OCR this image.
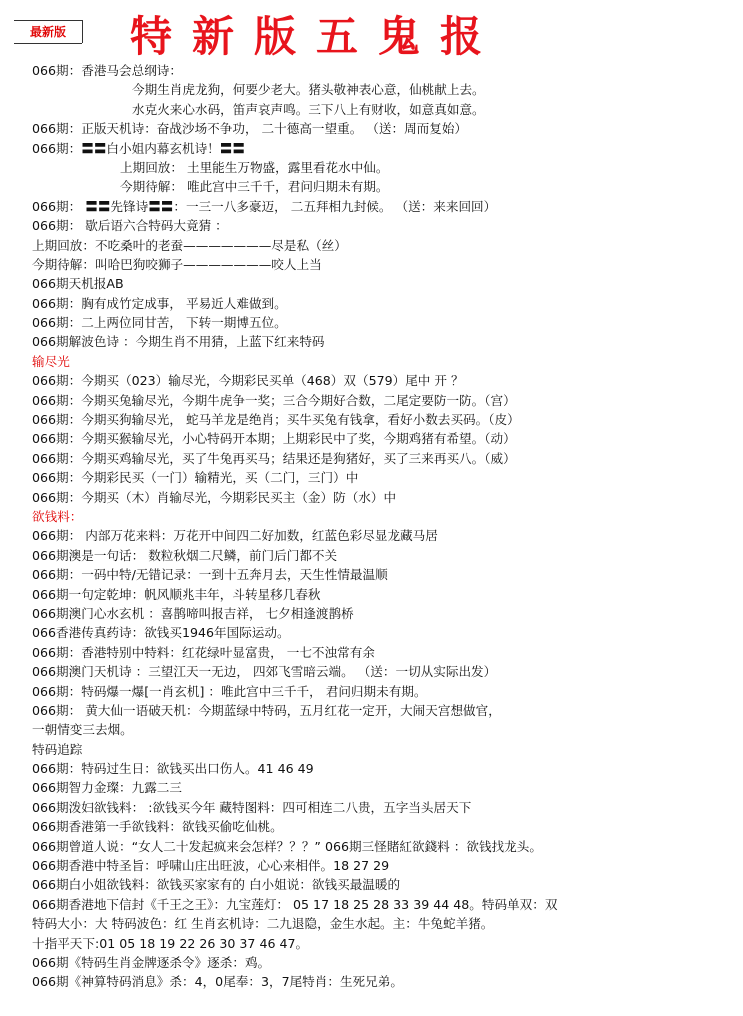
最新版	特新版五鬼报
066期：香港马会总纲诗：
今期生肖虎龙狗，何要少老大。猪头敬神表心意，仙桃献上去。
水克火来心水码，笛声哀声鸣。三下八上有财收，如意真如意。
066期：正版天机诗：奋战沙场不争功， 二十德高一望重。 （送：周而复始）
066期：〓〓白小姐内幕玄机诗！〓〓
上期回放： 土里能生万物盛，露里看花水中仙。
今期待解： 唯此宫中三千千，君问归期未有期。
066期： 〓〓先锋诗〓〓：一三一八多豪迈， 二五拜相九封候。 （送：来来回回）
066期： 歇后语六合特码大竟猜 ：
上期回放：不吃桑叶的老蚕———————尽是私（丝）
今期待解：叫哈巴狗咬狮子———————咬人上当
066期天机报AB
066期：胸有成竹定成事， 平易近人难做到。
066期：二上两位同甘苦， 下转一期博五位。
066期解波色诗 ：今期生肖不用猜，上蓝下红来特码
输尽光
066期：今期买（023）输尽光，今期彩民买单（468）双（579）尾中 开 ？
066期：今期买兔输尽光，今期牛虎争一奖；三合今期好合数，二尾定要防一防。（宫）
066期：今期买狗输尽光， 蛇马羊龙是绝肖；买牛买兔有钱拿，看好小数去买码。（皮）
066期：今期买猴输尽光，小心特码开本期；上期彩民中了奖，今期鸡猪有希望。（动）
066期：今期买鸡输尽光，买了牛兔再买马；结果还是狗猪好，买了三来再买八。（威）
066期：今期彩民买（一门）输精光，买（二门，三门）中
066期：今期买（木）肖输尽光，今期彩民买主（金）防（水）中
欲钱料：
066期： 内部万花来料：万花开中间四二好加数，红蓝色彩尽显龙藏马居
066期澳是一句话： 数粒秋烟二尺鳞，前门后门都不关
066期：一码中特/无错记录：一到十五奔月去，天生性情最温顺
066期一句定乾坤：帆风顺兆丰年，斗转星移几春秋
066期澳门心水玄机 ：喜鹊啼叫报吉祥， 七夕相逢渡鹊桥
066香港传真药诗：欲钱买1946年国际运动。
066期：香港特别中特料：红花绿叶显富贵， 一七不浊常有余
066期澳门天机诗 ：三望江天一无边， 四郊飞雪暗云端。 （送：一切从实际出发）
066期：特码爆一爆[一肖玄机] ：唯此宫中三千千， 君问归期未有期。
066期： 黄大仙一语破天机：今期蓝绿中特码，五月红花一定开，大闹天宫想做官，
一朝情变三去烟。
特码追踪
066期：特码过生日：欲钱买出口伤人。41 46 49
066期智力金璨：九露二三
066期泼妇欲钱料： :欲钱买今年 藏特图料：四可相连二八贵，五字当头居天下
066期香港第一手欲钱料：欲钱买偷吃仙桃。
066期曾道人说：“女人二十发起疯来会怎样？？？” 066期三怪賭紅欲錢料 ：欲钱找龙头。
066期香港中特圣旨：呼啸山庄出旺波，心心来相伴。18 27 29
066期白小姐欲钱料：欲钱买家家有的 白小姐说：欲钱买最温暖的
066期香港地下信封《千王之王》：九宝莲灯： 05 17 18 25 28 33 39 44 48。特码单双：双
特码大小：大 特码波色：红 生肖玄机诗：二九退隐，金生水起。主：牛兔蛇羊猪。
十指平天下:01 05 18 19 22 26 30 37 46 47。
066期《特码生肖金牌逐杀令》逐杀：鸡。
066期《神算特码消息》杀：4，0尾奉：3，7尾特肖：生死兄弟。
